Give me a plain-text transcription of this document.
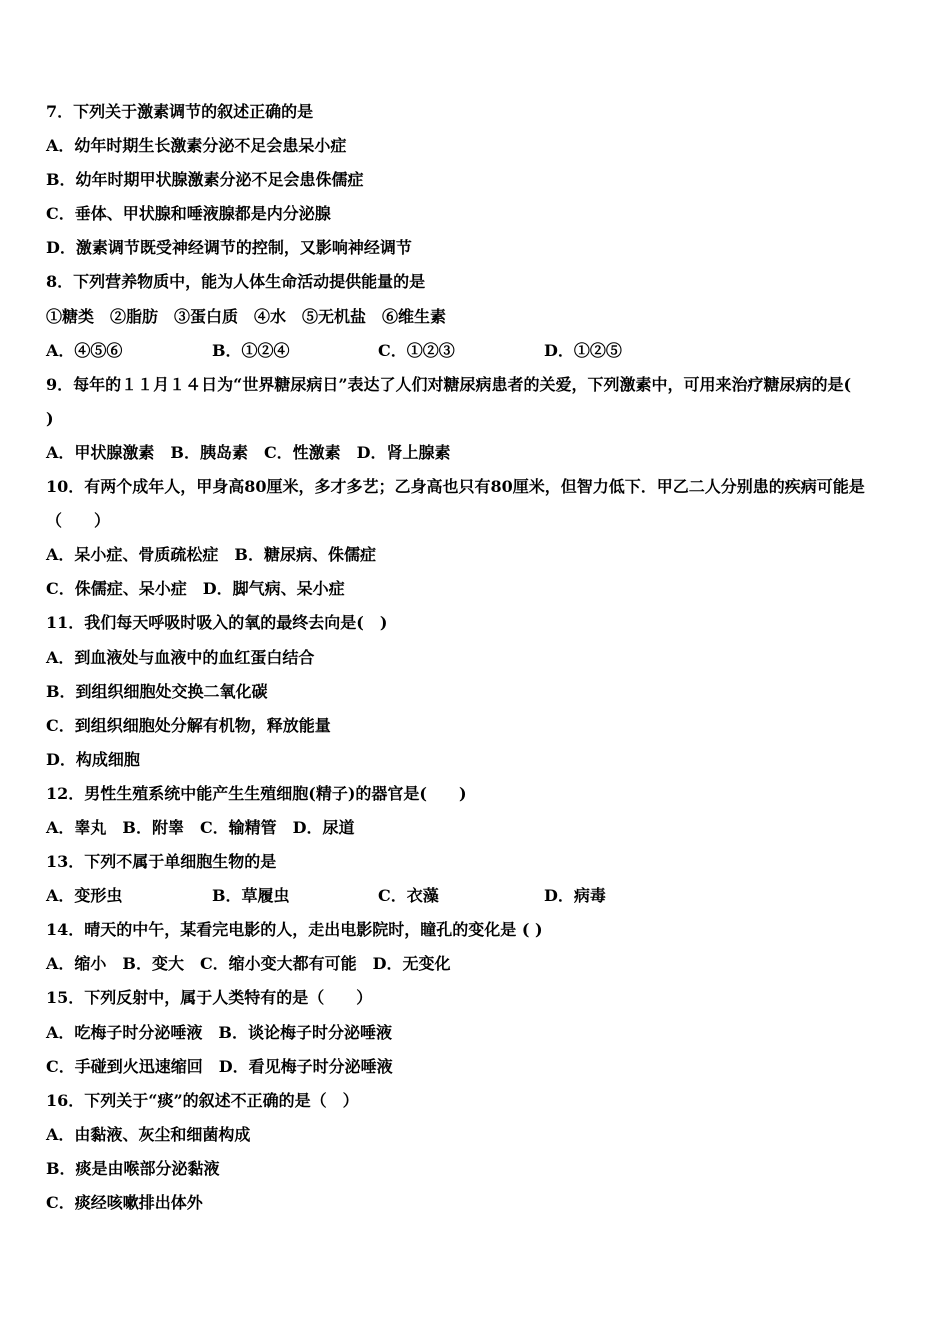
7．下列关于激素调节的叙述正确的是
A．幼年时期生长激素分泌不足会患呆小症
B．幼年时期甲状腺激素分泌不足会患侏儒症
C．垂体、甲状腺和唾液腺都是内分泌腺
D．激素调节既受神经调节的控制，又影响神经调节
8．下列营养物质中，能为人体生命活动提供能量的是
①糖类　②脂肪　③蛋白质　④水　⑤无机盐　⑥维生素
A．④⑤⑥	B．①②④	C．①②③	D．①②⑤
9．每年的１１月１４日为“世界糖尿病日”表达了人们对糖尿病患者的关爱，下列激素中，可用来治疗糖尿病的是(
)
A．甲状腺激素　B．胰岛素　C．性激素　D．肾上腺素
10．有两个成年人，甲身高80厘米，多才多艺；乙身高也只有80厘米，但智力低下．甲乙二人分别患的疾病可能是
（　　）
A．呆小症、骨质疏松症　B．糖尿病、侏儒症
C．侏儒症、呆小症　D．脚气病、呆小症
11．我们每天呼吸时吸入的氧的最终去向是(　)
A．到血液处与血液中的血红蛋白结合
B．到组织细胞处交换二氧化碳
C．到组织细胞处分解有机物，释放能量
D．构成细胞
12．男性生殖系统中能产生生殖细胞(精子)的器官是(　　)
A．睾丸　B．附睾　C．输精管　D．尿道
13．下列不属于单细胞生物的是
A．变形虫	B．草履虫	C．衣藻	D．病毒
14．晴天的中午，某看完电影的人，走出电影院时，瞳孔的变化是 ( )
A．缩小　B．变大　C．缩小变大都有可能　D．无变化
15．下列反射中，属于人类特有的是（　　）
A．吃梅子时分泌唾液　B．谈论梅子时分泌唾液
C．手碰到火迅速缩回　D．看见梅子时分泌唾液
16．下列关于“痰”的叙述不正确的是（　）
A．由黏液、灰尘和细菌构成
B．痰是由喉部分泌黏液
C．痰经咳嗽排出体外
